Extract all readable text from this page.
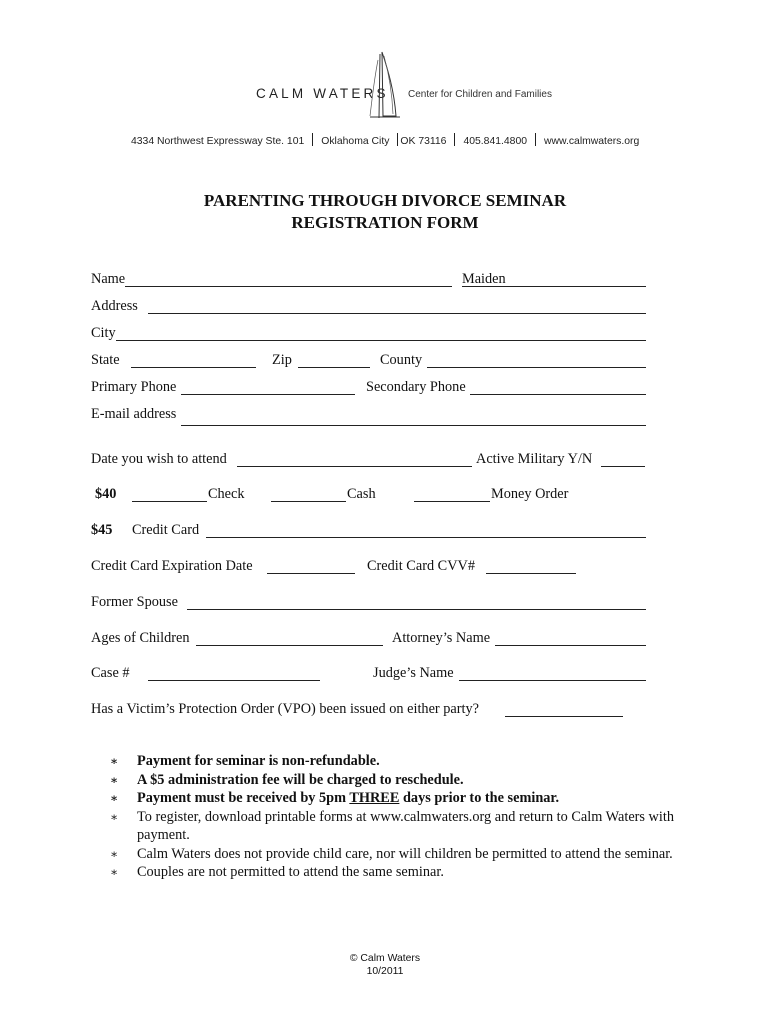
CALM WATERS Center for Children and Families
4334 Northwest Expressway Ste. 101 Oklahoma City OK 73116 405.841.4800 www.calmwaters.org
PARENTING THROUGH DIVORCE SEMINAR
REGISTRATION FORM
Name	Maiden
Address
City
State	Zip	County
Primary Phone	Secondary Phone
E-mail address
Date you wish to attend	Active Military Y/N
$40	Check	Cash	Money Order
$45 Credit Card
Credit Card Expiration Date	Credit Card CVV#
Former Spouse
Ages of Children	Attorney’s Name
Case #	Judge’s Name
Has a Victim’s Protection Order (VPO) been issued on either party?
∗ Payment for seminar is non-refundable.
∗ A $5 administration fee will be charged to reschedule.
∗ Payment must be received by 5pm THREE days prior to the seminar.
∗ To register, download printable forms at www.calmwaters.org and return to Calm Waters with payment.
∗ Calm Waters does not provide child care, nor will children be permitted to attend the seminar.
∗ Couples are not permitted to attend the same seminar.
© Calm Waters
10/2011
